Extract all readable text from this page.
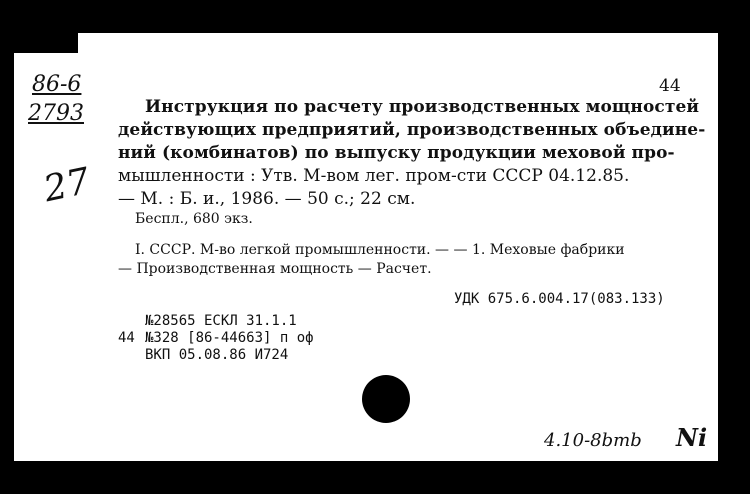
86-6
2793
27
44
Инструкция по расчету производственных мощностей
действующих предприятий, производственных объедине-
ний (комбинатов) по выпуску продукции меховой про-
мышленности : Утв. М-вом лег. пром-сти СССР 04.12.85.
— М. : Б. и., 1986. — 50 с.; 22 см.
Беспл., 680 экз.
I. СССР. М-во легкой промышленности. — — 1. Меховые фабрики
— Производственная мощность — Расчет.
УДК 675.6.004.17(083.133)
№28565 ЕСКЛ 31.1.1
44 №328 [86-44663] п оф
ВКП 05.08.86 И724
4.10-8bmb Ni
